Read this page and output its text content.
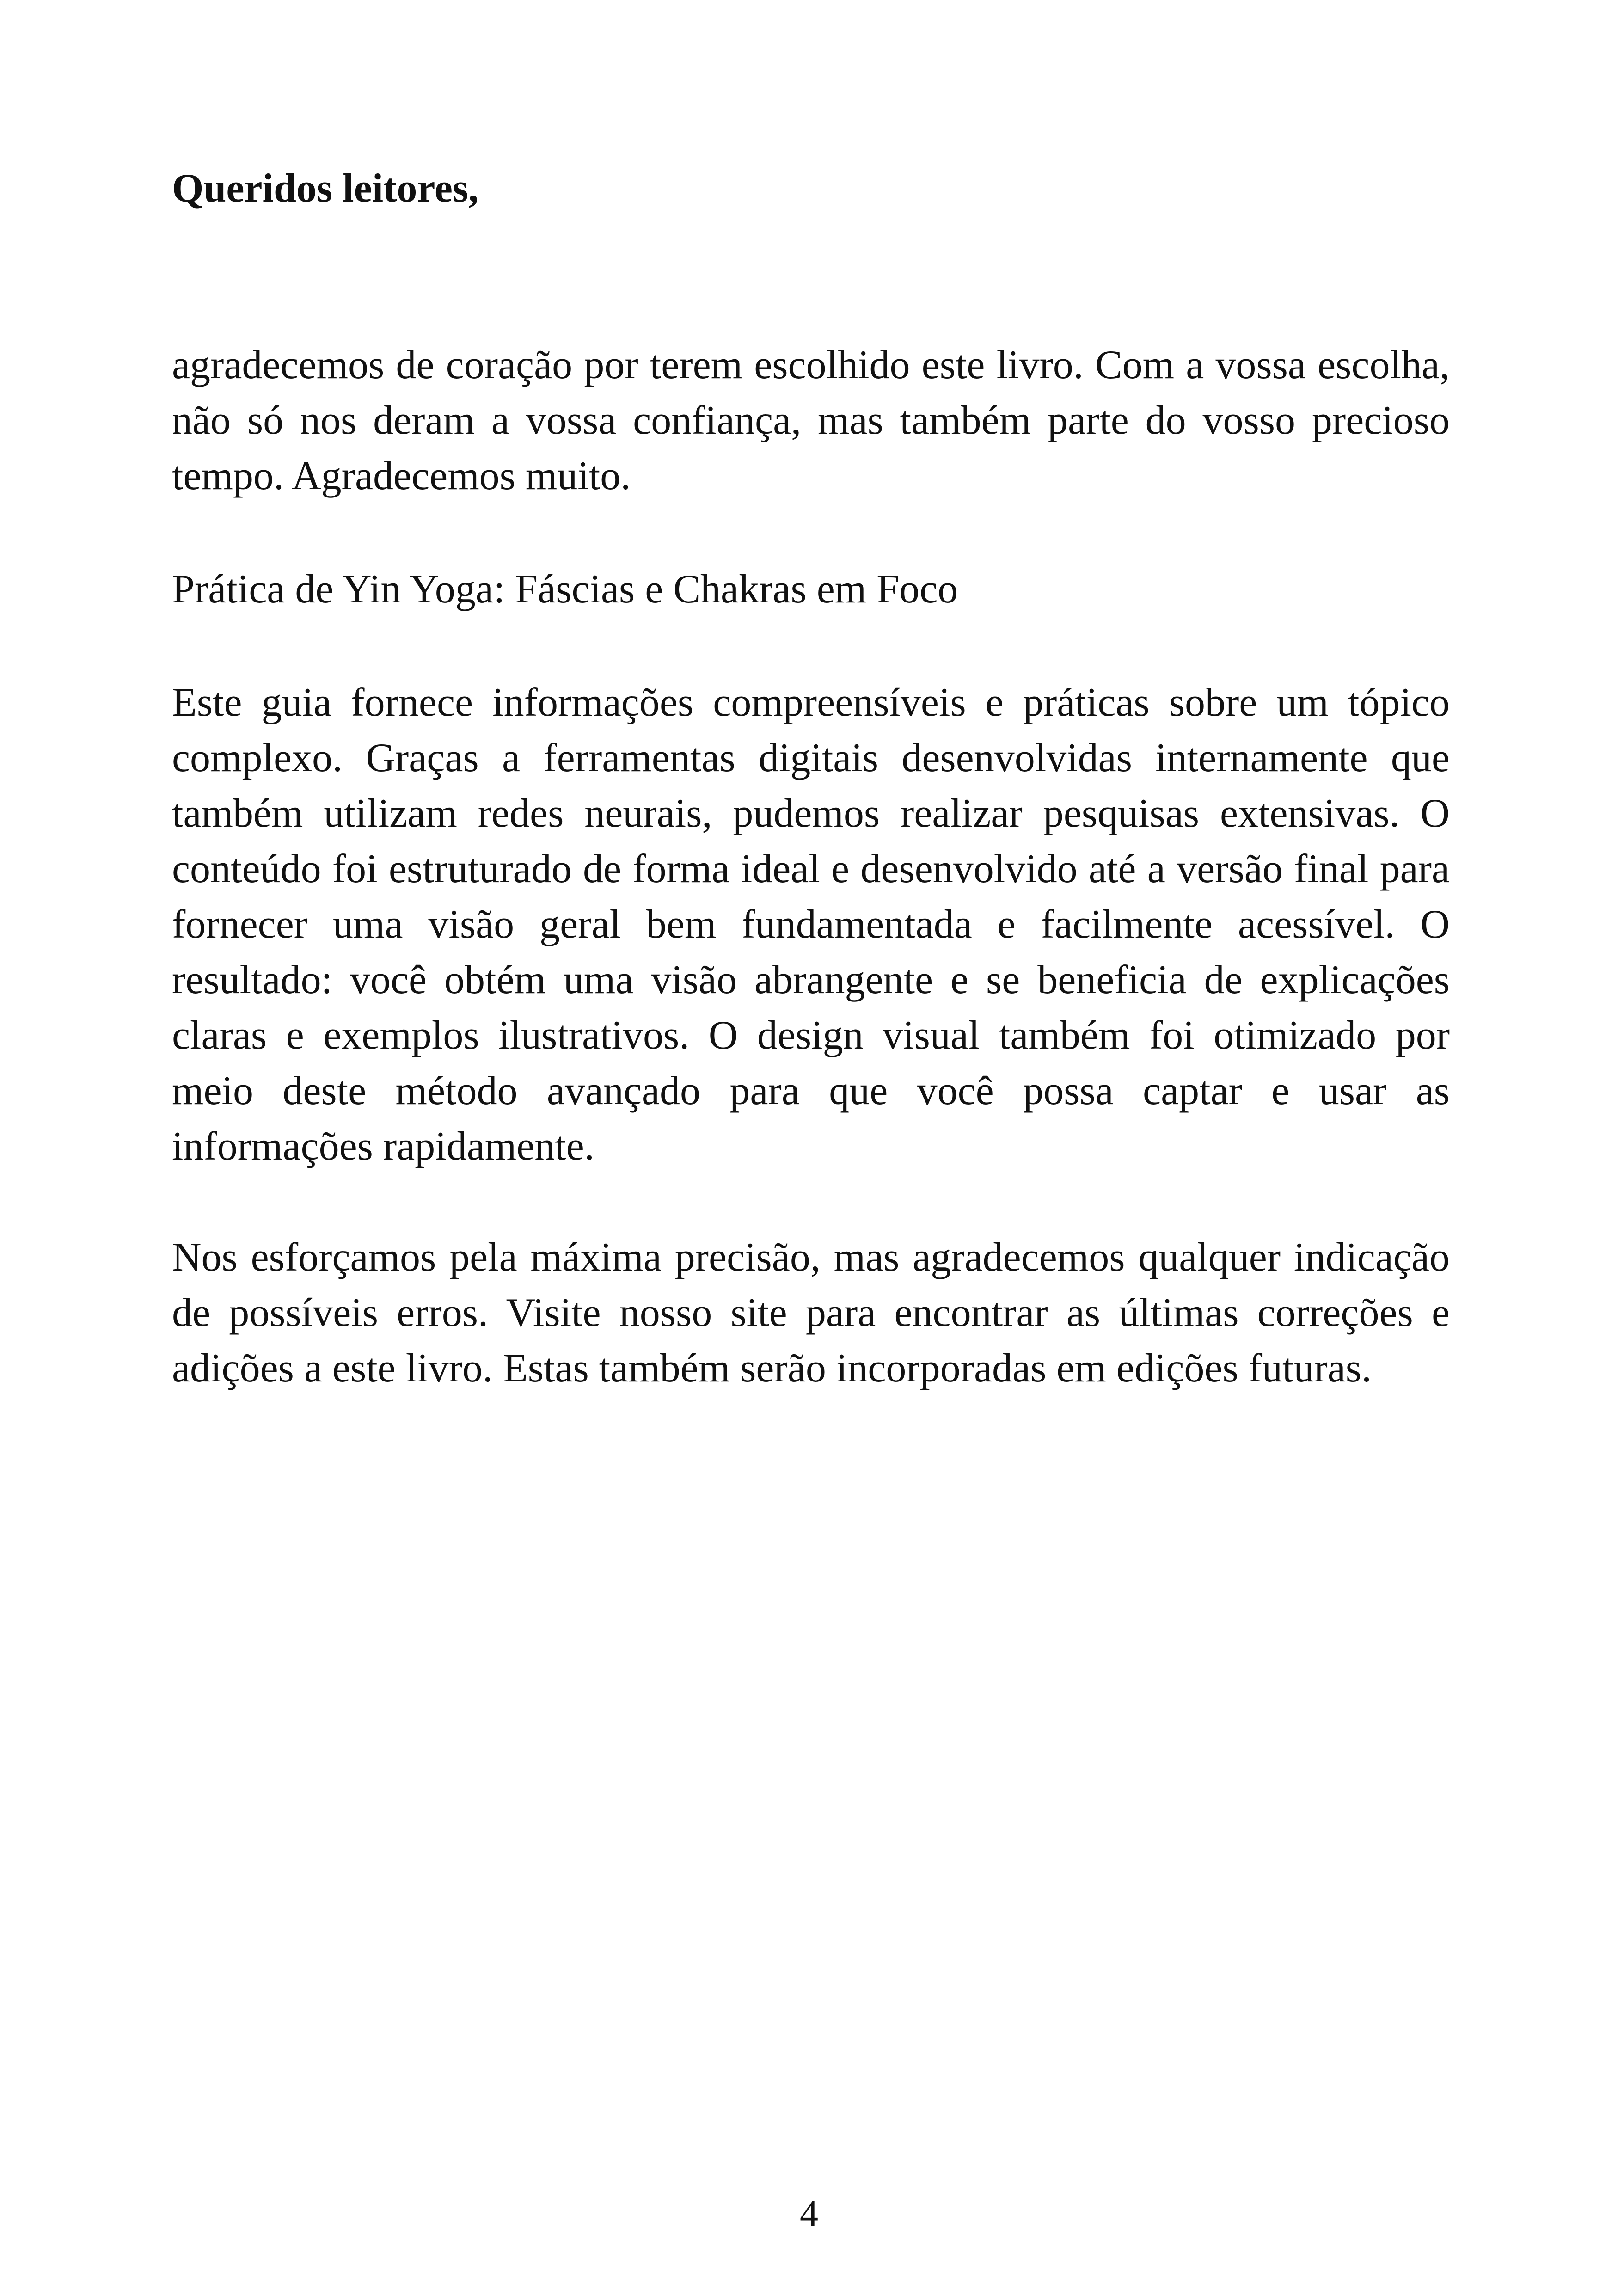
Queridos leitores,

agradecemos de coração por terem escolhido este livro. Com a vossa escolha, não só nos deram a vossa confiança, mas também parte do vosso precioso tempo. Agradecemos muito.

Prática de Yin Yoga: Fáscias e Chakras em Foco

Este guia fornece informações compreensíveis e práticas sobre um tópico complexo. Graças a ferramentas digitais desenvolvidas internamente que também utilizam redes neurais, pudemos realizar pesquisas extensivas. O conteúdo foi estruturado de forma ideal e desenvolvido até a versão final para fornecer uma visão geral bem fundamentada e facilmente acessível. O resultado: você obtém uma visão abrangente e se beneficia de explicações claras e exemplos ilustrativos. O design visual também foi otimizado por meio deste método avançado para que você possa captar e usar as informações rapidamente.

Nos esforçamos pela máxima precisão, mas agradecemos qualquer indicação de possíveis erros. Visite nosso site para encontrar as últimas correções e adições a este livro. Estas também serão incorporadas em edições futuras.

4
